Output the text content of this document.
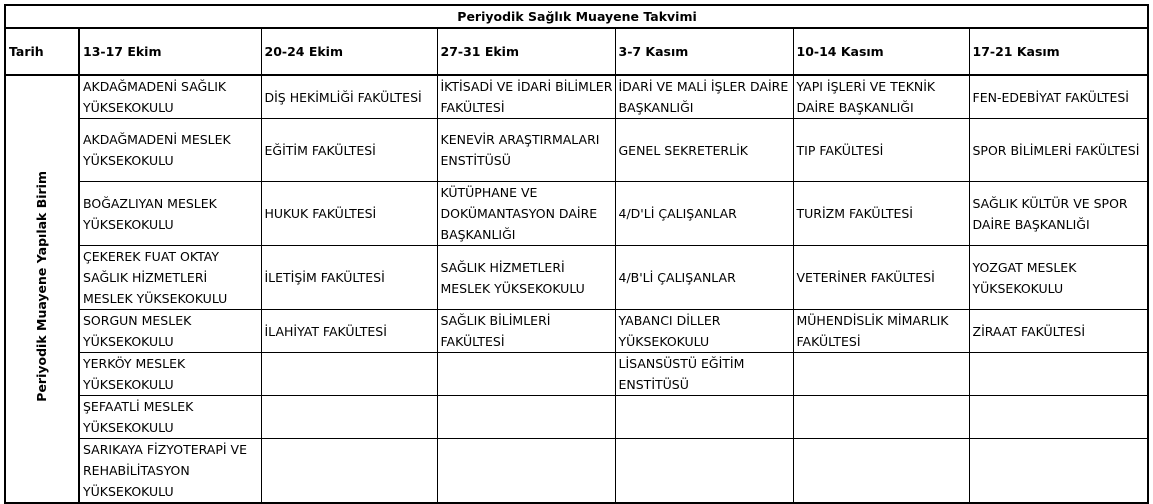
Periyodik Sağlık Muayene Takvimi						
Tarih	13-17 Ekim	20-24 Ekim	27-31 Ekim	3-7 Kasım	10-14 Kasım	17-21 Kasım
Periyodik Muayene Yapılak Birim	AKDAĞMADENİ SAĞLIK YÜKSEKOKULU	DİŞ HEKİMLİĞİ FAKÜLTESİ	İKTİSADİ VE İDARİ BİLİMLER FAKÜLTESİ	İDARİ VE MALİ İŞLER DAİRE BAŞKANLIĞI	YAPI İŞLERİ VE TEKNİK DAİRE BAŞKANLIĞI	FEN-EDEBİYAT FAKÜLTESİ
	AKDAĞMADENİ MESLEK YÜKSEKOKULU	EĞİTİM FAKÜLTESİ	KENEVİR ARAŞTIRMALARI ENSTİTÜSÜ	GENEL SEKRETERLİK	TIP FAKÜLTESİ	SPOR BİLİMLERİ FAKÜLTESİ
	BOĞAZLIYAN MESLEK YÜKSEKOKULU	HUKUK FAKÜLTESİ	KÜTÜPHANE VE DOKÜMANTASYON DAİRE BAŞKANLIĞI	4/D'Lİ ÇALIŞANLAR	TURİZM FAKÜLTESİ	SAĞLIK KÜLTÜR VE SPOR DAİRE BAŞKANLIĞI
	ÇEKEREK FUAT OKTAY SAĞLIK HİZMETLERİ MESLEK YÜKSEKOKULU	İLETİŞİM FAKÜLTESİ	SAĞLIK HİZMETLERİ MESLEK YÜKSEKOKULU	4/B'Lİ ÇALIŞANLAR	VETERİNER FAKÜLTESİ	YOZGAT MESLEK YÜKSEKOKULU
	SORGUN MESLEK YÜKSEKOKULU	İLAHİYAT FAKÜLTESİ	SAĞLIK BİLİMLERİ FAKÜLTESİ	YABANCI DİLLER YÜKSEKOKULU	MÜHENDİSLİK MİMARLIK FAKÜLTESİ	ZİRAAT FAKÜLTESİ
	YERKÖY MESLEK YÜKSEKOKULU			LİSANSÜSTÜ EĞİTİM ENSTİTÜSÜ		
	ŞEFAATLİ MESLEK YÜKSEKOKULU					
	SARIKAYA FİZYOTERAPİ VE REHABİLİTASYON YÜKSEKOKULU					
